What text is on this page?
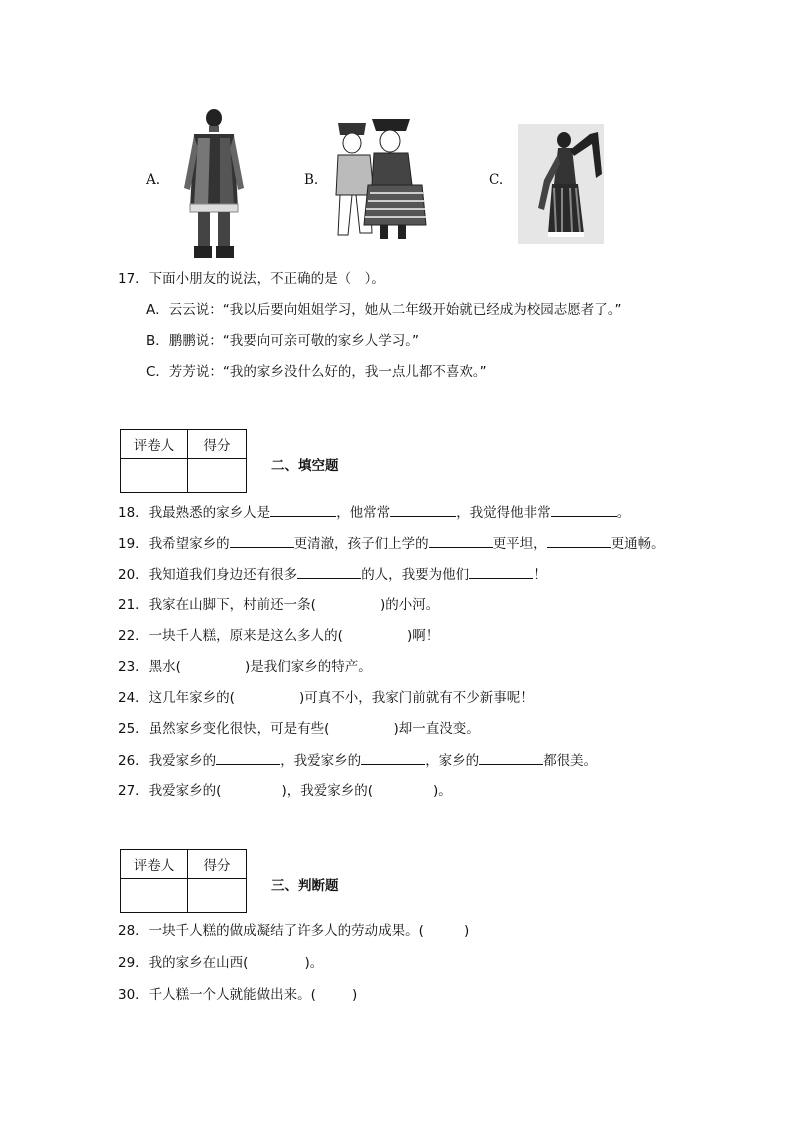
A.	B.	C.
17．下面小朋友的说法，不正确的是（　）。
A．云云说：“我以后要向姐姐学习，她从二年级开始就已经成为校园志愿者了。”
B．鹏鹏说：“我要向可亲可敬的家乡人学习。”
C．芳芳说：“我的家乡没什么好的，我一点儿都不喜欢。”
评卷人	得分

二、填空题
18．我最熟悉的家乡人是	，他常常	，我觉得他非常	。
19．我希望家乡的	更清澈，孩子们上学的	更平坦，	更通畅。
20．我知道我们身边还有很多	的人，我要为他们	！
21．我家在山脚下，村前还一条(	)的小河。
22．一块千人糕，原来是这么多人的(	)啊！
23．黑水(	)是我们家乡的特产。
24．这几年家乡的(	)可真不小，我家门前就有不少新事呢！
25．虽然家乡变化很快，可是有些(	)却一直没变。
26．我爱家乡的	，我爱家乡的	，家乡的	都很美。
27．我爱家乡的(	)，我爱家乡的(	)。
评卷人	得分

三、判断题
28．一块千人糕的做成凝结了许多人的劳动成果。(	)
29．我的家乡在山西(	)。
30．千人糕一个人就能做出来。(	)
